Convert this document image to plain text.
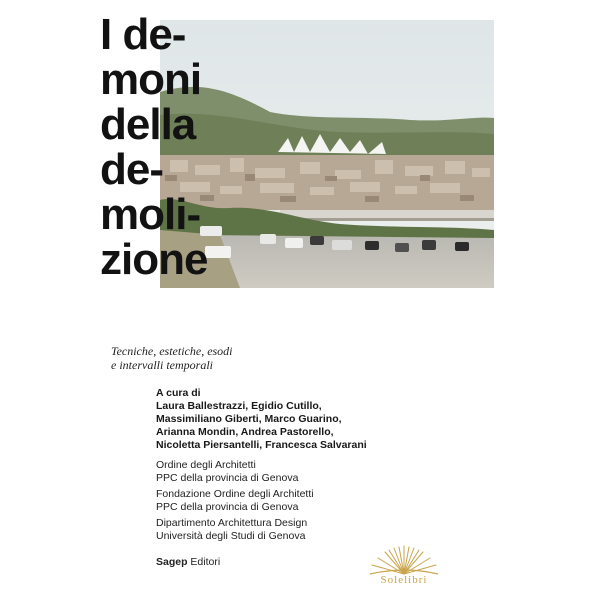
I de-
moni
della
de-
moli-
zione
Tecniche, estetiche, esodi
e intervalli temporali
A cura di
Laura Ballestrazzi, Egidio Cutillo,
Massimiliano Giberti, Marco Guarino,
Arianna Mondin, Andrea Pastorello,
Nicoletta Piersantelli, Francesca Salvarani
Ordine degli Architetti
PPC della provincia di Genova
Fondazione Ordine degli Architetti
PPC della provincia di Genova
Dipartimento Architettura Design
Università degli Studi di Genova
Sagep Editori
Solelibri
